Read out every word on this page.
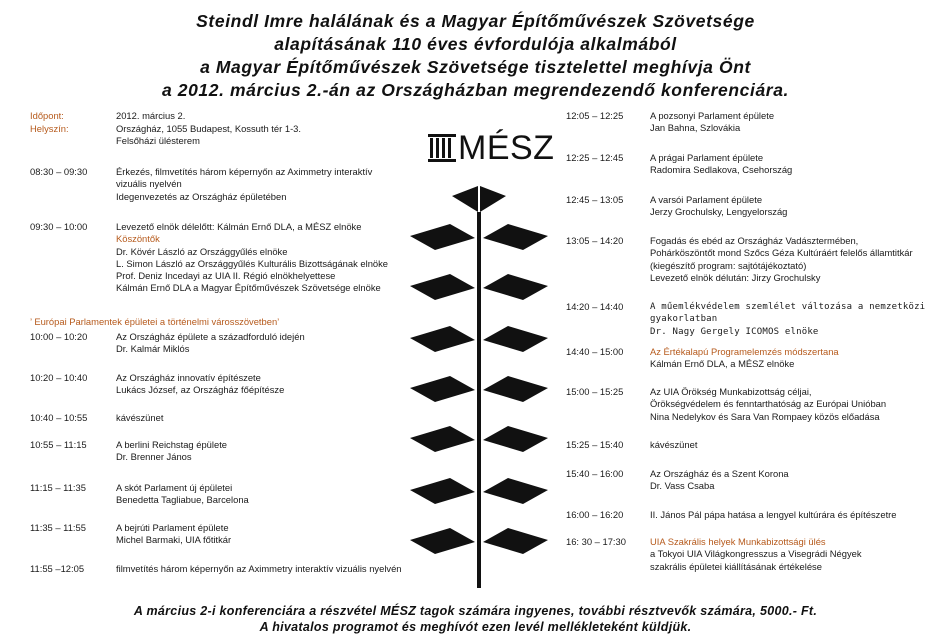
Steindl Imre halálának és a Magyar Építőművészek Szövetsége
alapításának 110 éves évfordulója alkalmából
a Magyar Építőművészek Szövetsége tisztelettel meghívja Önt
a 2012. március 2.-án az Országházban megrendezendő konferenciára.
MÉSZ
Időpont:	2012. március 2.
Helyszín:	Országház, 1055 Budapest, Kossuth tér 1-3.
Felsőházi ülésterem
08:30 – 09:30	Érkezés, filmvetítés három képernyőn az Aximmetry interaktív
vizuális nyelvén
Idegenvezetés az Országház épületében
09:30 – 10:00	Levezető elnök délelőtt: Kálmán Ernő DLA, a MÉSZ elnöke
Köszöntők
Dr. Kövér László az Országgyűlés elnöke
L. Simon László az Országgyűlés Kulturális Bizottságának elnöke
Prof. Deniz Incedayi az UIA II. Régió elnökhelyettese
Kálmán Ernő DLA a Magyar Építőművészek Szövetsége elnöke
’ Európai Parlamentek épületei a történelmi városszövetben’
10:00 – 10:20	Az Országház épülete a századforduló idején
Dr. Kalmár Miklós
10:20 – 10:40	Az Országház innovatív építészete
Lukács József, az Országház főépítésze
10:40 – 10:55	kávészünet
10:55 – 11:15	A berlini Reichstag épülete
Dr. Brenner János
11:15 – 11:35	A skót Parlament új épületei
Benedetta Tagliabue, Barcelona
11:35 – 11:55	A bejrúti Parlament épülete
Michel Barmaki, UIA főtitkár
11:55 –12:05	filmvetítés három képernyőn az Aximmetry interaktív vizuális nyelvén
12:05 – 12:25	A pozsonyi Parlament épülete
Jan Bahna, Szlovákia
12:25 – 12:45	A prágai Parlament épülete
Radomira Sedlakova, Csehország
12:45 – 13:05	A varsói Parlament épülete
Jerzy Grochulsky, Lengyelország
13:05 – 14:20	Fogadás és ebéd az Országház Vadásztermében,
Pohárköszöntőt mond Szőcs Géza Kultúráért felelős államtitkár
(kiegészítő program: sajtótájékoztató)
Levezető elnök délután: Jirzy Grochulsky
14:20 – 14:40	A műemlékvédelem szemlélet változása a nemzetközi
gyakorlatban
Dr. Nagy Gergely ICOMOS elnöke
14:40 – 15:00	Az Értékalapú Programelemzés módszertana
Kálmán Ernő DLA, a MÉSZ elnöke
15:00 – 15:25	Az UIA Örökség Munkabizottság céljai,
Örökségvédelem és fenntarthatóság az Európai Unióban
Nina Nedelykov és Sara Van Rompaey közös előadása
15:25 – 15:40	kávészünet
15:40 – 16:00	Az Országház és a Szent Korona
Dr. Vass Csaba
16:00 – 16:20	II. János Pál pápa hatása a lengyel kultúrára és építészetre
16: 30 – 17:30	UIA Szakrális helyek Munkabizottsági ülés
a Tokyoi UIA Világkongresszus a Visegrádi Négyek
szakrális épületei kiállításának értékelése
A március 2-i konferenciára a részvétel MÉSZ tagok számára ingyenes, további résztvevők számára, 5000.- Ft.
A hivatalos programot és meghívót ezen levél mellékleteként küldjük.
